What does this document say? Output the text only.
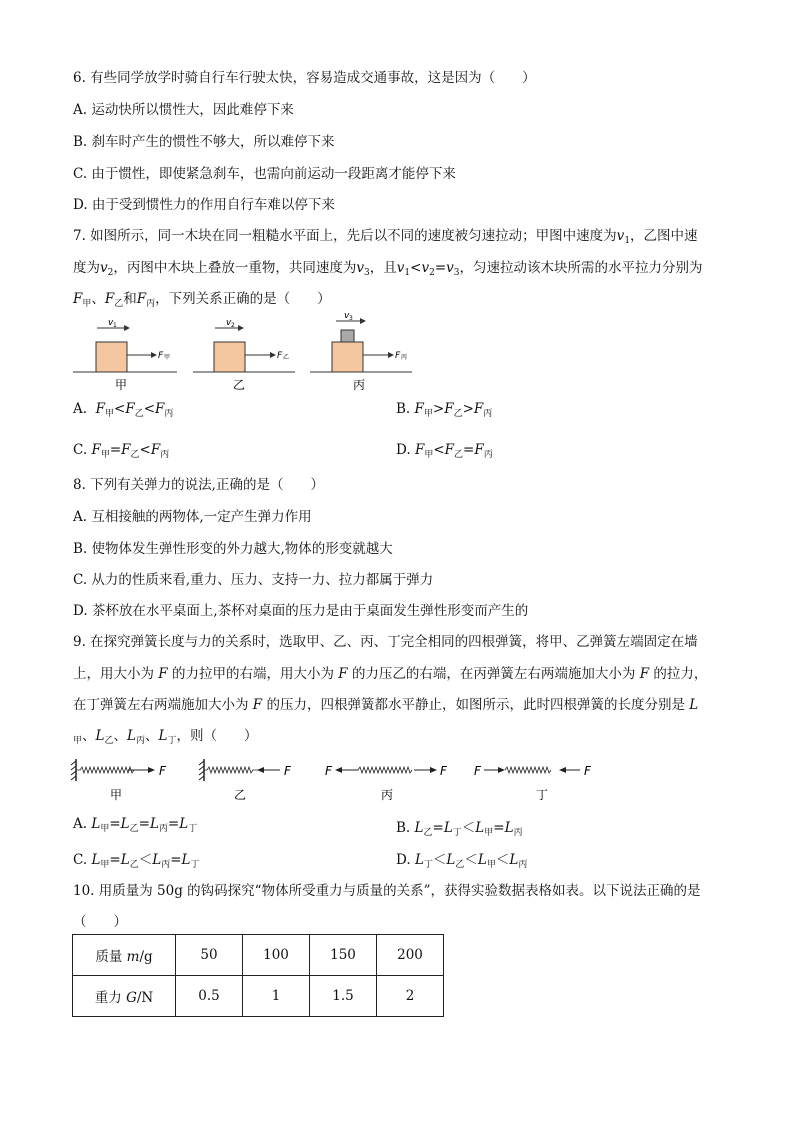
6. 有些同学放学时骑自行车行驶太快，容易造成交通事故，这是因为（　　）
A. 运动快所以惯性大，因此难停下来
B. 刹车时产生的惯性不够大，所以难停下来
C. 由于惯性，即使紧急刹车，也需向前运动一段距离才能停下来
D. 由于受到惯性力的作用自行车难以停下来
7. 如图所示，同一木块在同一粗糙水平面上，先后以不同的速度被匀速拉动；甲图中速度为$v_1$，乙图中速
度为$v_2$，丙图中木块上叠放一重物，共同速度为$v_3$，且$v_1<v_2=v_3$，匀速拉动该木块所需的水平拉力分别为
$F_甲$、$F_乙$和$F_丙$，下列关系正确的是（　　）
v 1
F 甲
甲
v 2
F 乙
乙
v 3
F 丙
丙
A. $F_甲<F_乙<F_丙$	B. $F_甲>F_乙>F_丙$
C. $F_甲=F_乙<F_丙$	D. $F_甲<F_乙=F_丙$
8. 下列有关弹力的说法,正确的是（　　）
A. 互相接触的两物体,一定产生弹力作用
B. 使物体发生弹性形变的外力越大,物体的形变就越大
C. 从力的性质来看,重力、压力、支持一力、拉力都属于弹力
D. 茶杯放在水平桌面上,茶杯对桌面的压力是由于桌面发生弹性形变而产生的
9. 在探究弹簧长度与力的关系时，选取甲、乙、丙、丁完全相同的四根弹簧，将甲、乙弹簧左端固定在墙
上，用大小为 F 的力拉甲的右端，用大小为 F 的力压乙的右端，在丙弹簧左右两端施加大小为 F 的拉力，
在丁弹簧左右两端施加大小为 F 的压力，四根弹簧都水平静止，如图所示，此时四根弹簧的长度分别是 L
$_甲$、$L_乙$、$L_丙$、$L_丁$，则（　　）
F
甲
F
乙
F	F
丙
F	F
丁
A. $L_甲=L_乙=L_丙=L_丁$	B. $L_乙=L_丁<L_甲=L_丙$
C. $L_甲=L_乙<L_丙=L_丁$	D. $L_丁<L_乙<L_甲<L_丙$
10. 用质量为 50g 的钩码探究“物体所受重力与质量的关系”，获得实验数据表格如表。以下说法正确的是
（　　）
质量 m/g	50	100	150	200
重力 G/N	0.5	1	1.5	2
